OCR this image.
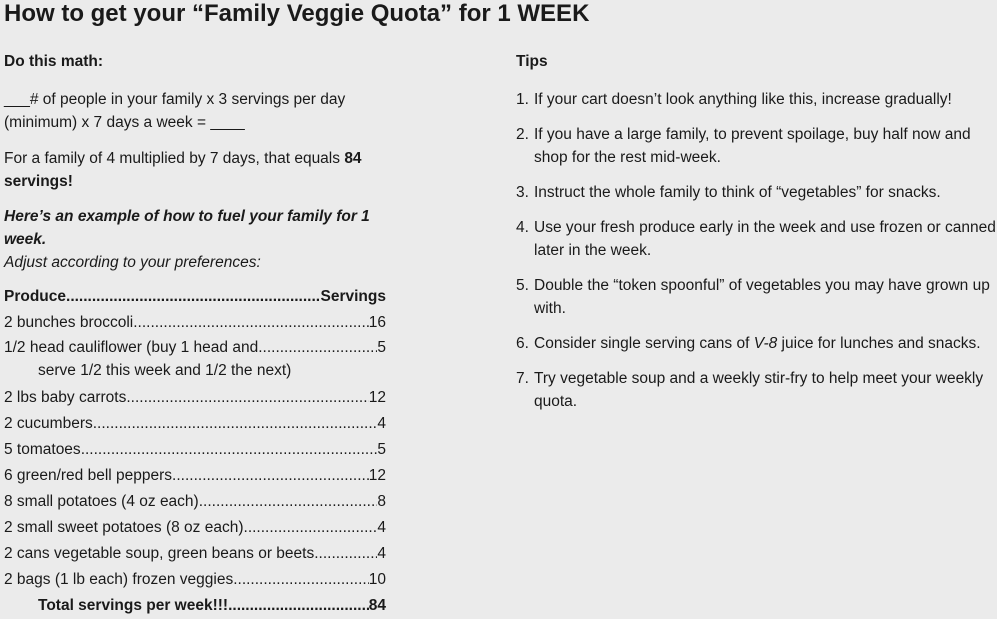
How to get your “Family Veggie Quota” for 1 WEEK
Do this math:
___# of people in your family x 3 servings per day (minimum) x 7 days a week = ____
For a family of 4 multiplied by 7 days, that equals 84 servings!
Here’s an example of how to fuel your family for 1 week.
Adjust according to your preferences:
Produce .....	Servings
2 bunches broccoli .....	16
1/2 head cauliflower (buy 1 head and .....	5
serve 1/2 this week and 1/2 the next)
2 lbs baby carrots .....	12
2 cucumbers .....	4
5 tomatoes .....	5
6 green/red bell peppers .....	12
8 small potatoes (4 oz each) .....	8
2 small sweet potatoes (8 oz each) .....	4
2 cans vegetable soup, green beans or beets .....	4
2 bags (1 lb each) frozen veggies .....	10
Total servings per week!!! .....	84
Tips
1. If your cart doesn’t look anything like this, increase gradually!
2. If you have a large family, to prevent spoilage, buy half now and shop for the rest mid-week.
3. Instruct the whole family to think of “vegetables” for snacks.
4. Use your fresh produce early in the week and use frozen or canned later in the week.
5. Double the “token spoonful” of vegetables you may have grown up with.
6. Consider single serving cans of V-8 juice for lunches and snacks.
7. Try vegetable soup and a weekly stir-fry to help meet your weekly quota.
